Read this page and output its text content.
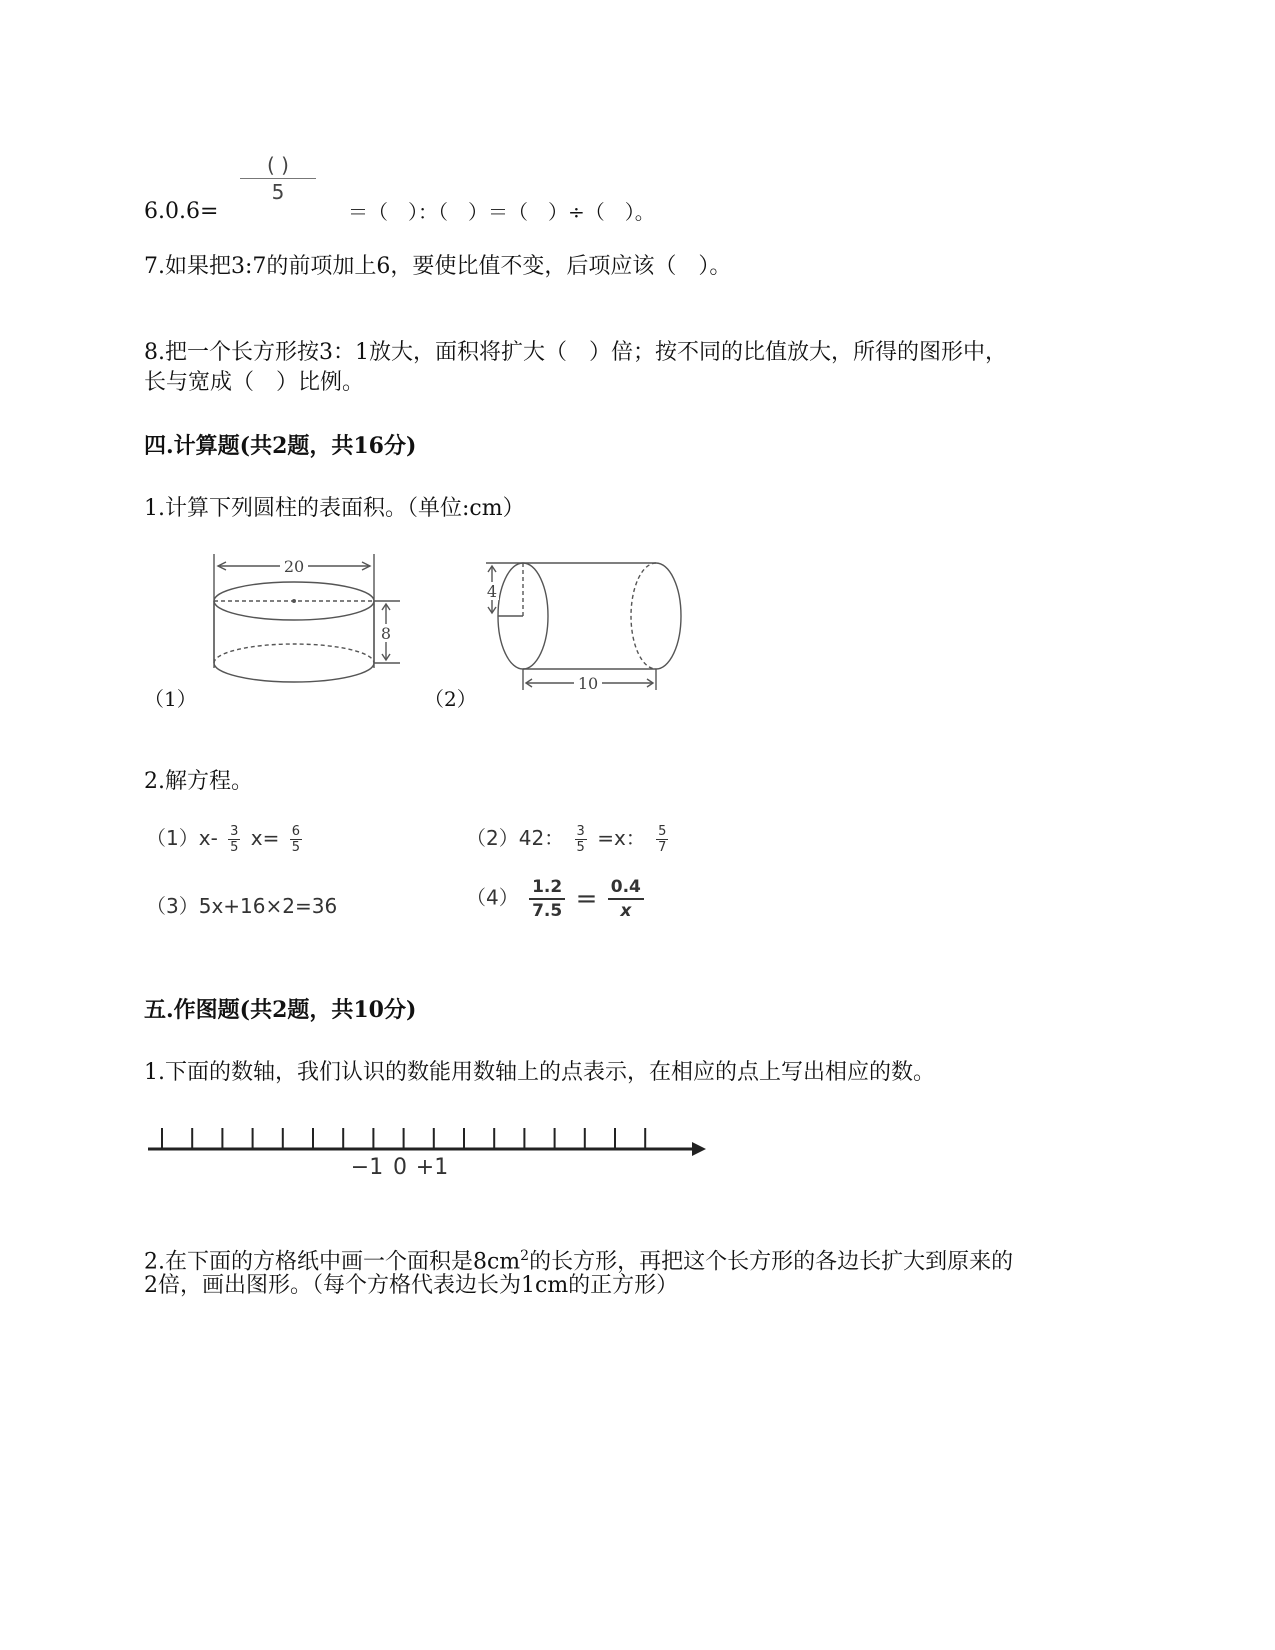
( )
5
6.0.6=	＝（　）：（　）＝（　）÷（　）。
7.如果把3:7的前项加上6，要使比值不变，后项应该（　）。
8.把一个长方形按3：1放大，面积将扩大（　）倍；按不同的比值放大，所得的图形中，
长与宽成（　）比例。
四.计算题(共2题，共16分)
1.计算下列圆柱的表面积。（单位:cm）
20
8
（1）
4
10
（2）
2.解方程。
$(1)x- \frac{3}{5} x= \frac{6}{5}$	（2）42： $\frac{3}{5} =x$： $\frac{5}{7}$
（3）5x+16×2=36	$(4) \frac{1.2}{7.5} = \frac{0.4}{x}$
五.作图题(共2题，共10分)
1.下面的数轴，我们认识的数能用数轴上的点表示，在相应的点上写出相应的数。
−1 0 +1
2.在下面的方格纸中画一个面积是$8cm^2$的长方形，再把这个长方形的各边长扩大到原来的
2倍，画出图形。（每个方格代表边长为1cm的正方形）
